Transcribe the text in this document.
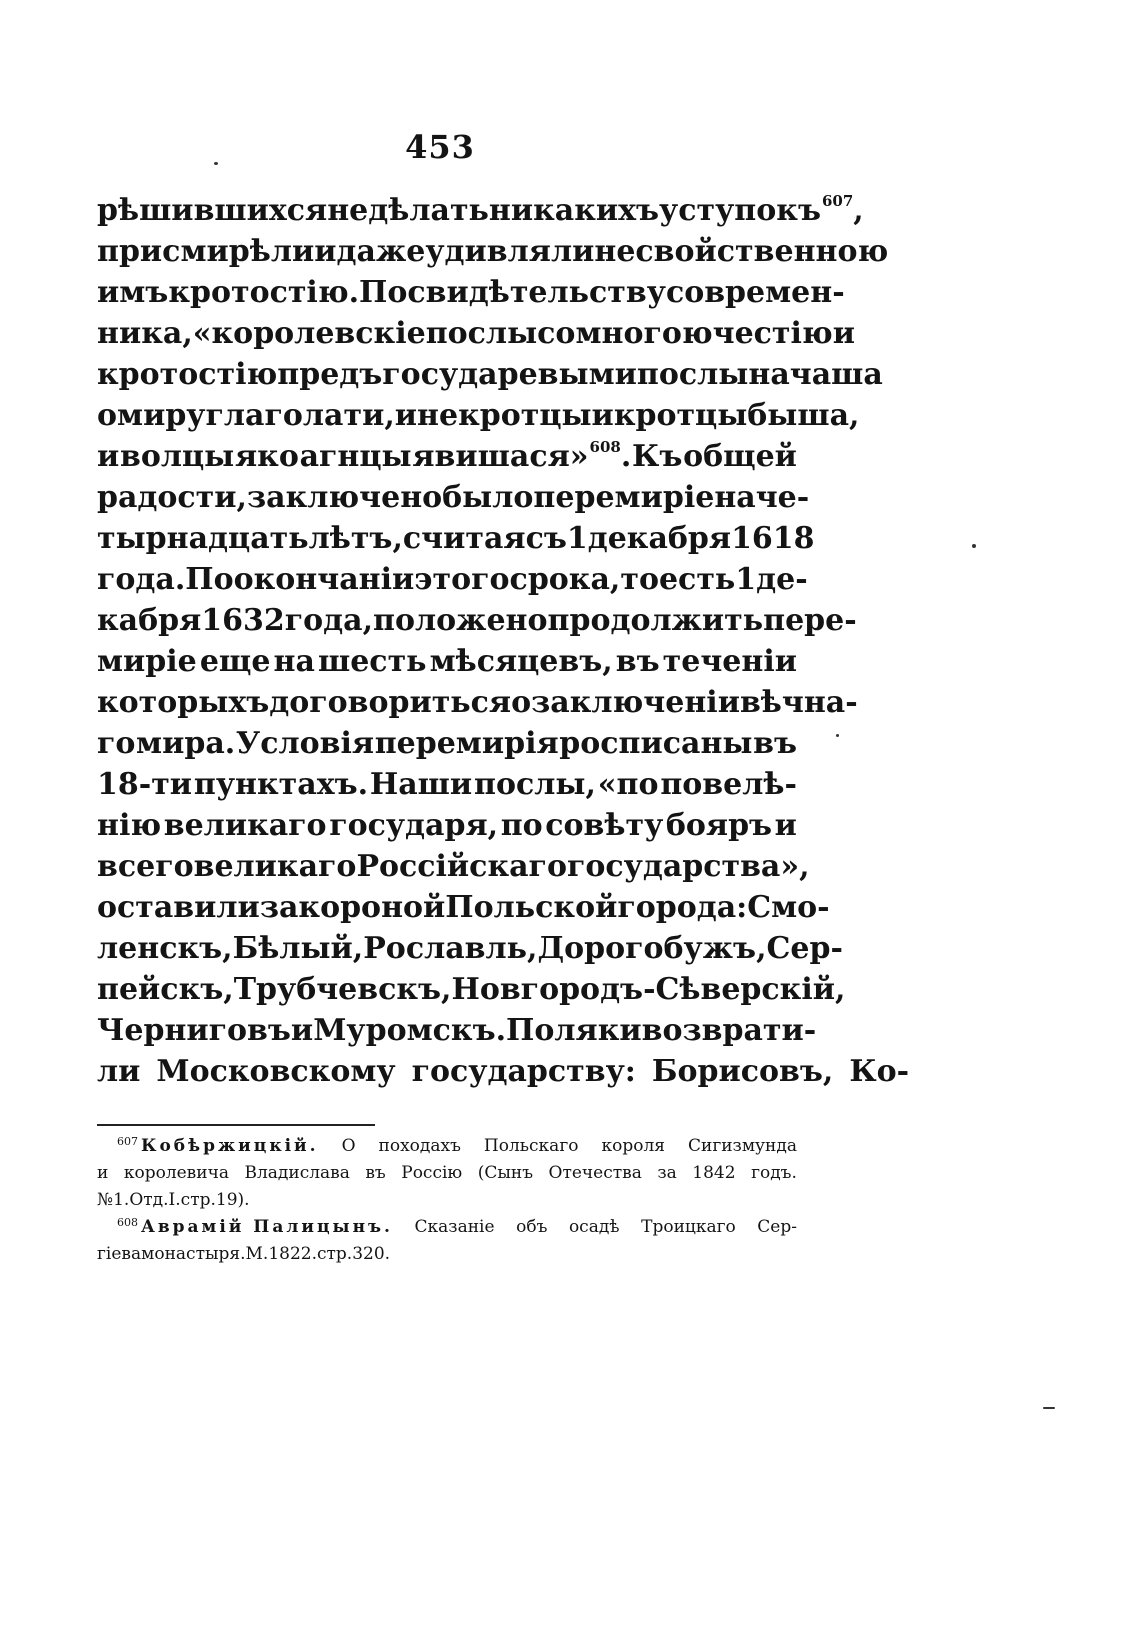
453
рѣшившихся не дѣлать никакихъ уступокъ$^{607}$,
присмирѣли и даже удивляли несвойственною
имъ кротостію. По свидѣтельству современ-
ника, «королевскіе послы со многою честію и
кротостію предъ государевыми послы начаша
о миру глаголати, и некротцыи кротцы быша,
и волцы яко агнцы явишася»$^{608}$. Къ общей
радости, заключено было перемиріе на че-
тырнадцать лѣтъ, считая съ 1 декабря 1618
года. По окончаніи этого срока, то есть 1 де-
кабря 1632 года, положено продолжить пере-
миріе еще на шесть мѣсяцевъ, въ теченіи
которыхъ договориться о заключеніи вѣчна-
го мира. Условія перемирія росписаны въ
18-ти пунктахъ. Наши послы, «по повелѣ-
нію великаго государя, по совѣту бояръ и
всего великаго Россійскаго государства»,
оставили за короной Польской города: Смо-
ленскъ, Бѣлый, Рославль, Дорогобужъ, Сер-
пейскъ, Трубчевскъ, Новгородъ - Сѣверскій,
Черниговъ и Муромскъ. Поляки возврати-
ли Московскому государству: Борисовъ, Ко-
$^{607}$ Кобѣржицкій. О походахъ Польскаго короля Сигизмунда
и королевича Владислава въ Россію (Сынъ Отечества за 1842 годъ.
№ 1. Отд. I. стр. 19).
$^{608}$ Аврамій Палицынъ. Сказаніе объ осадѣ Троицкаго Сер-
гіева монастыря. М. 1822. стр. 320.
